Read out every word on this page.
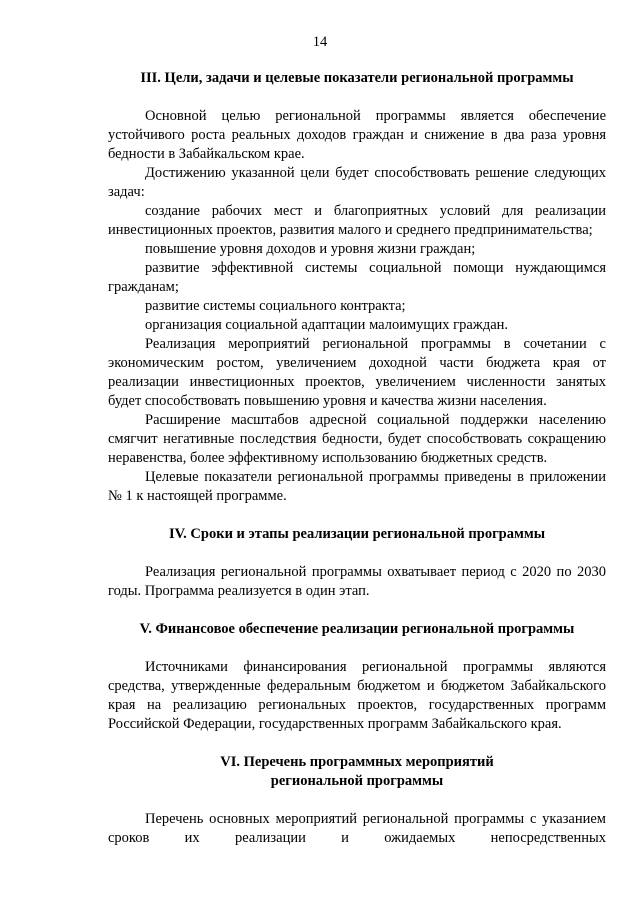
14
III. Цели, задачи и целевые показатели региональной программы

Основной целью региональной программы является обеспечение устойчивого роста реальных доходов граждан и снижение в два раза уровня бедности в Забайкальском крае.

Достижению указанной цели будет способствовать решение следующих задач:

создание рабочих мест и благоприятных условий для реализации инвестиционных проектов, развития малого и среднего предпринимательства;

повышение уровня доходов и уровня жизни граждан;

развитие эффективной системы социальной помощи нуждающимся гражданам;

развитие системы социального контракта;

организация социальной адаптации малоимущих граждан.

Реализация мероприятий региональной программы в сочетании с экономическим ростом, увеличением доходной части бюджета края от реализации инвестиционных проектов, увеличением численности занятых будет способствовать повышению уровня и качества жизни населения.

Расширение масштабов адресной социальной поддержки населению смягчит негативные последствия бедности, будет способствовать сокращению неравенства, более эффективному использованию бюджетных средств.

Целевые показатели региональной программы приведены в приложении № 1 к настоящей программе.

IV. Сроки и этапы реализации региональной программы

Реализация региональной программы охватывает период с 2020 по 2030 годы. Программа реализуется в один этап.

V. Финансовое обеспечение реализации региональной программы

Источниками финансирования региональной программы являются средства, утвержденные федеральным бюджетом и бюджетом Забайкальского края на реализацию региональных проектов, государственных программ Российской Федерации, государственных программ Забайкальского края.

VI. Перечень программных мероприятий
региональной программы

Перечень основных мероприятий региональной программы с указанием сроков их реализации и ожидаемых непосредственных
